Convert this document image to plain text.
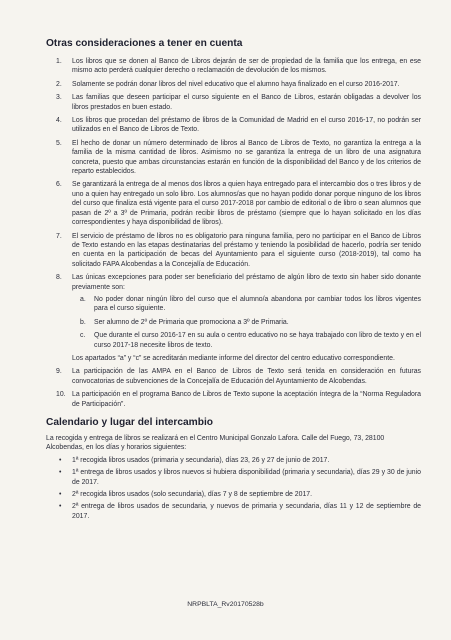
Otras consideraciones a tener en cuenta
1.	Los libros que se donen al Banco de Libros dejarán de ser de propiedad de la familia que los entrega, en ese mismo acto perderá cualquier derecho o reclamación de devolución de los mismos.
2.	Solamente se podrán donar libros del nivel educativo que el alumno haya finalizado en el curso 2016-2017.
3.	Las familias que deseen participar el curso siguiente en el Banco de Libros, estarán obligadas a devolver los libros prestados en buen estado.
4.	Los libros que procedan del préstamo de libros de la Comunidad de Madrid en el curso 2016-17, no podrán ser utilizados en el Banco de Libros de Texto.
5.	El hecho de donar un número determinado de libros al Banco de Libros de Texto, no garantiza la entrega a la familia de la misma cantidad de libros. Asimismo no se garantiza la entrega de un libro de una asignatura concreta, puesto que ambas circunstancias estarán en función de la disponibilidad del Banco y de los criterios de reparto establecidos.
6.	Se garantizará la entrega de al menos dos libros a quien haya entregado para el intercambio dos o tres libros y de uno a quien hay entregado un solo libro. Los alumnos/as que no hayan podido donar porque ninguno de los libros del curso que finaliza está vigente para el curso 2017-2018 por cambio de editorial o de libro o sean alumnos que pasan de 2º a 3º de Primaria, podrán recibir libros de préstamo (siempre que lo hayan solicitado en los días correspondientes y haya disponibilidad de libros).
7.	El servicio de préstamo de libros no es obligatorio para ninguna familia, pero no participar en el Banco de Libros de Texto estando en las etapas destinatarias del préstamo y teniendo la posibilidad de hacerlo, podría ser tenido en cuenta en la participación de becas del Ayuntamiento para el siguiente curso (2018-2019), tal como ha solicitado FAPA Alcobendas a la Concejalía de Educación.
8.	Las únicas excepciones para poder ser beneficiario del préstamo de algún libro de texto sin haber sido donante previamente son:
a.	No poder donar ningún libro del curso que el alumno/a abandona por cambiar todos los libros vigentes para el curso siguiente.
b.	Ser alumno de 2º de Primaria que promociona a 3º de Primaria.
c.	Que durante el curso 2016-17 en su aula o centro educativo no se haya trabajado con libro de texto y en el curso 2017-18 necesite libros de texto.

Los apartados “a” y “c” se acreditarán mediante informe del director del centro educativo correspondiente.

9.	La participación de las AMPA en el Banco de Libros de Texto será tenida en consideración en futuras convocatorias de subvenciones de la Concejalía de Educación del Ayuntamiento de Alcobendas.
10. La participación en el programa Banco de Libros de Texto supone la aceptación íntegra de la “Norma Reguladora de Participación”.
Calendario y lugar del intercambio

La recogida y entrega de libros se realizará en el Centro Municipal Gonzalo Lafora. Calle del Fuego, 73, 28100 Alcobendas, en los días y horarios siguientes:

• 1ª recogida libros usados (primaria y secundaria), días 23, 26 y 27 de junio de 2017.
• 1ª entrega de libros usados y libros nuevos si hubiera disponibilidad (primaria y secundaria), días 29 y 30 de junio de 2017.
• 2ª recogida libros usados (solo secundaria), días 7 y 8 de septiembre de 2017.
• 2ª entrega de libros usados de secundaria, y nuevos de primaria y secundaria, días 11 y 12 de septiembre de 2017.
NRPBLTA_Rv20170528b
